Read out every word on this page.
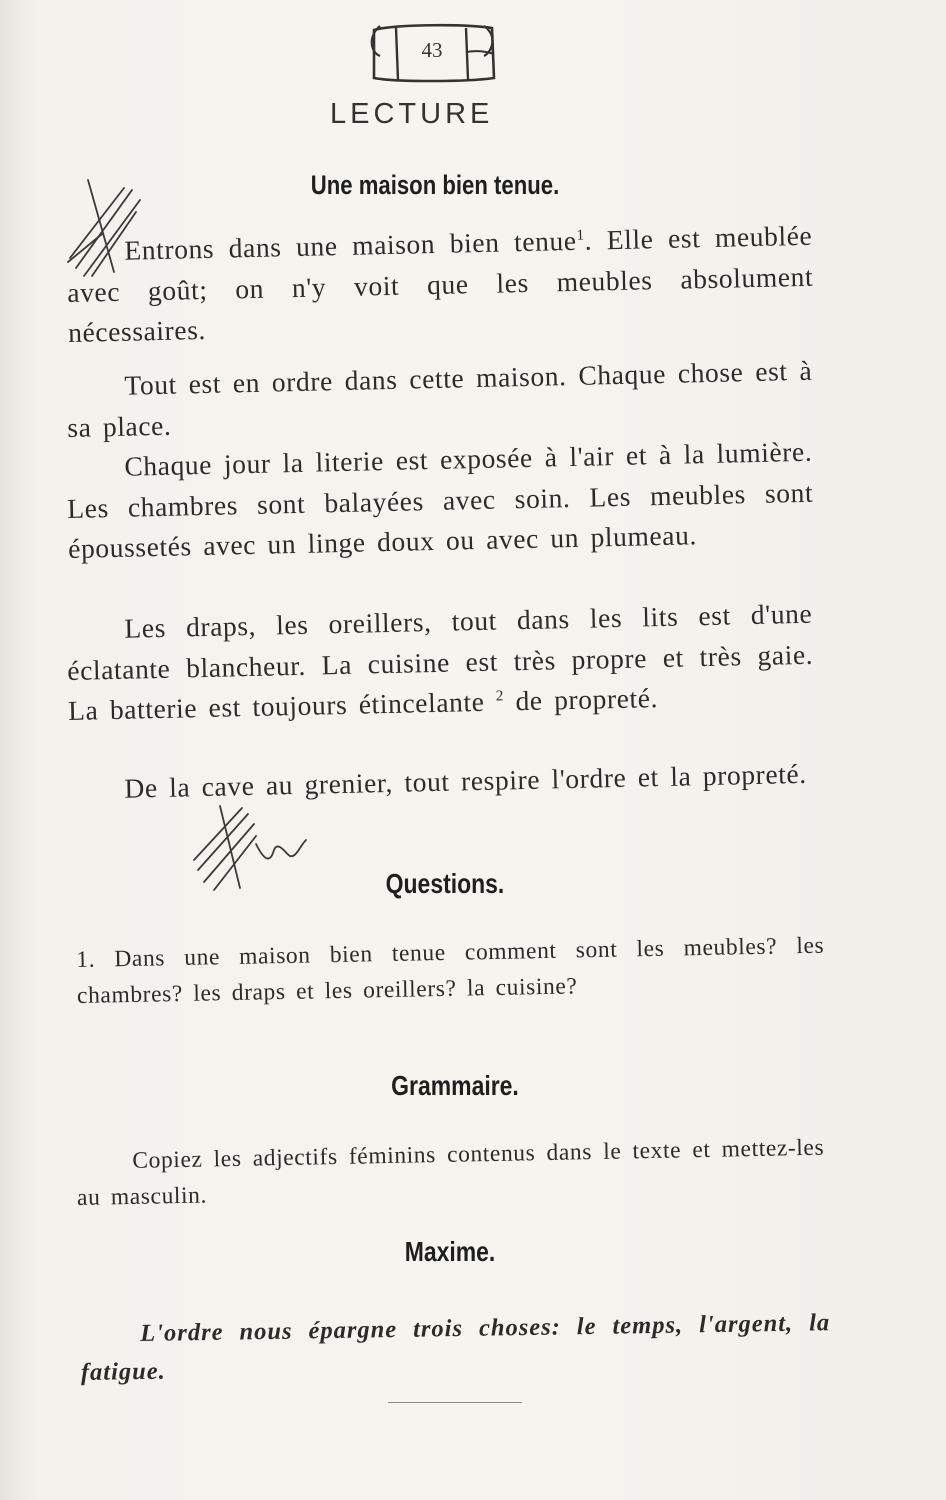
43
LECTURE
Une maison bien tenue.

Entrons dans une maison bien tenue$^1$. Elle est meublée avec goût; on n'y voit que les meubles absolument nécessaires.

Tout est en ordre dans cette maison. Chaque chose est à sa place.

Chaque jour la literie est exposée à l'air et à la lumière. Les chambres sont balayées avec soin. Les meubles sont époussetés avec un linge doux ou avec un plumeau.

Les draps, les oreillers, tout dans les lits est d'une éclatante blancheur. La cuisine est très propre et très gaie. La batterie est toujours étincelante $^2$ de propreté.

De la cave au grenier, tout respire l'ordre et la propreté.

Questions.

1. Dans une maison bien tenue comment sont les meubles? les chambres? les draps et les oreillers? la cuisine?

Grammaire.

Copiez les adjectifs féminins contenus dans le texte et mettez-les au masculin.

Maxime.

L'ordre nous épargne trois choses: le temps, l'argent, la fatigue.
